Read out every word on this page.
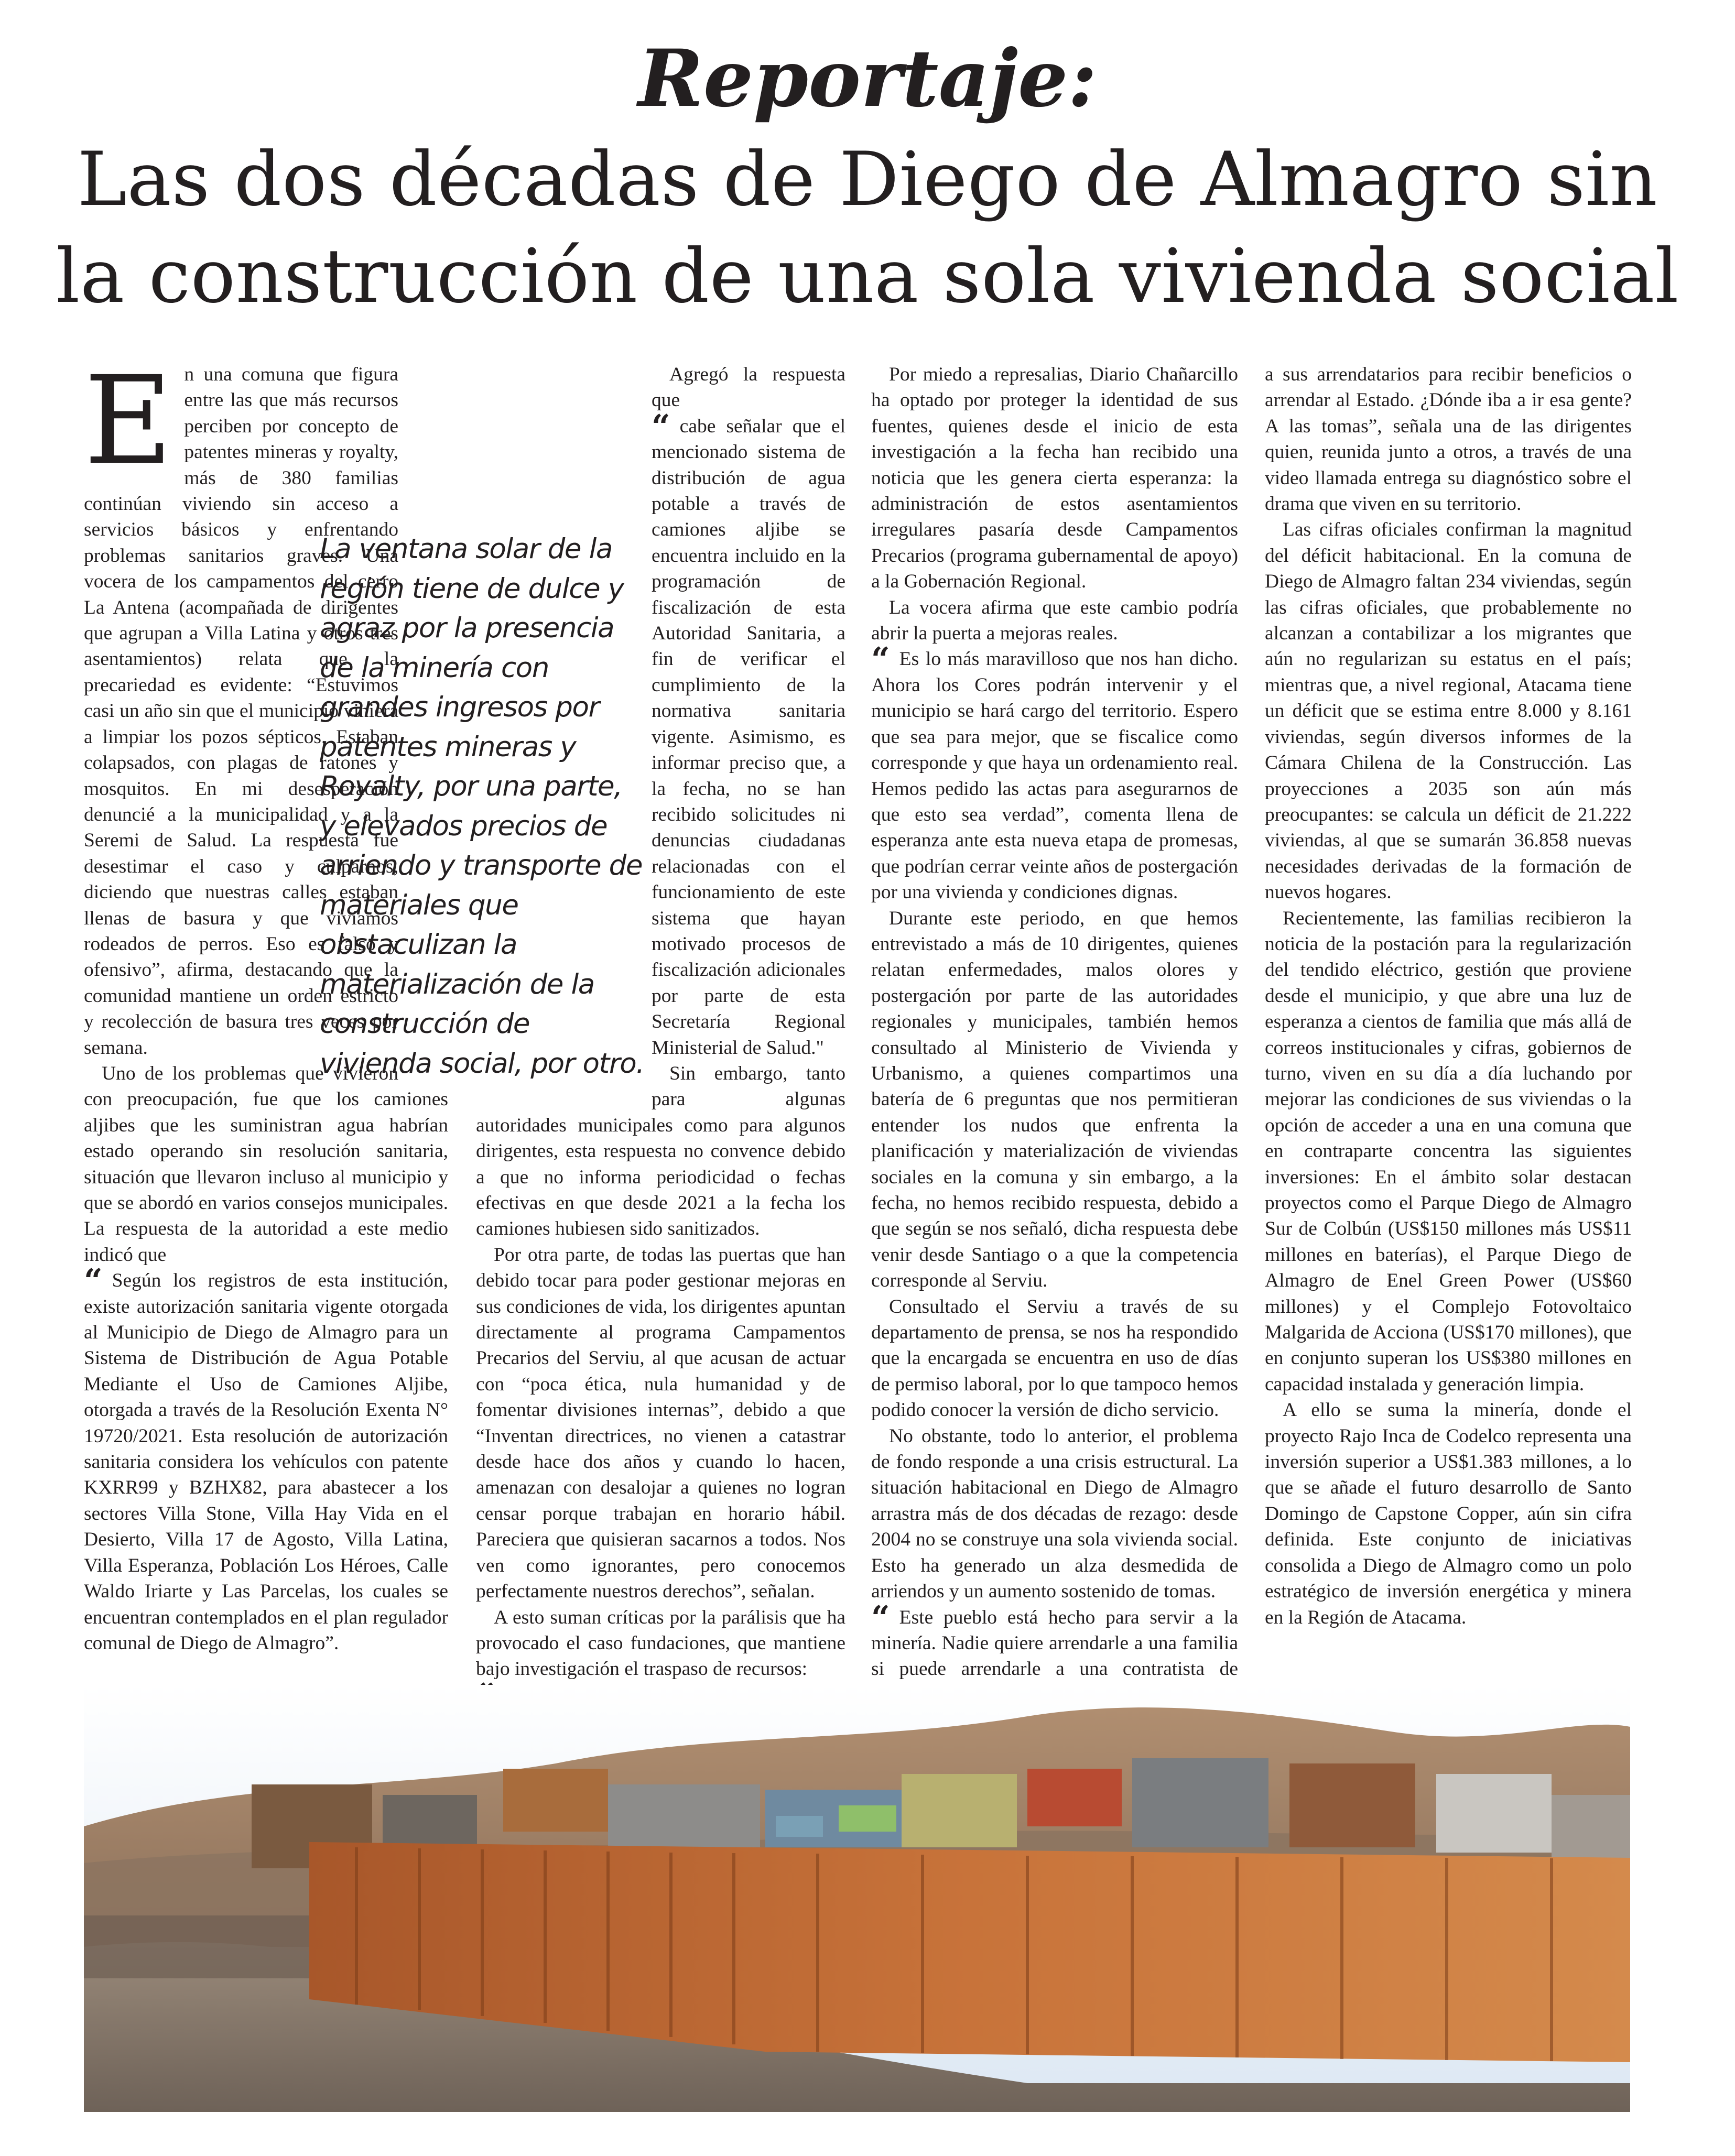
Reportaje:
Las dos décadas de Diego de Almagro sin la construcción de una sola vivienda social
E n una comuna que figura entre las que más recursos perciben por concepto de patentes mineras y royalty, más de 380 familias continúan viviendo sin acceso a servicios básicos y enfrentando problemas sanitarios graves. Una vocera de los campamentos del cerro La Antena (acompañada de dirigentes que agrupan a Villa Latina y otros tres asentamientos) relata que la precariedad es evidente: “Estuvimos casi un año sin que el municipio viniera a limpiar los pozos sépticos. Estaban colapsados, con plagas de ratones y mosquitos. En mi desesperación denuncié a la municipalidad y a la Seremi de Salud. La respuesta fue desestimar el caso y culparnos, diciendo que nuestras calles estaban llenas de basura y que vivíamos rodeados de perros. Eso es falso y ofensivo”, afirma, destacando que la comunidad mantiene un orden estricto y recolección de basura tres veces por semana.

Uno de los problemas que vivieron con preocupación, fue que los camiones aljibes que les suministran agua habrían estado operando sin resolución sanitaria, situación que llevaron incluso al municipio y que se abordó en varios consejos municipales. La respuesta de la autoridad a este medio indicó que

“ Según los registros de esta institución, existe autorización sanitaria vigente otorgada al Municipio de Diego de Almagro para un Sistema de Distribución de Agua Potable Mediante el Uso de Camiones Aljibe, otorgada a través de la Resolución Exenta N° 19720/2021. Esta resolución de autorización sanitaria considera los vehículos con patente KXRR99 y BZHX82, para abastecer a los sectores Villa Stone, Villa Hay Vida en el Desierto, Villa 17 de Agosto, Villa Latina, Villa Esperanza, Población Los Héroes, Calle Waldo Iriarte y Las Parcelas, los cuales se encuentran contemplados en el plan regulador comunal de Diego de Almagro”.

Agregó la respuesta que

“ cabe señalar que el mencionado sistema de distribución de agua potable a través de camiones aljibe se encuentra incluido en la programación de fiscalización de esta Autoridad Sanitaria, a fin de verificar el cumplimiento de la normativa sanitaria vigente. Asimismo, es informar preciso que, a la fecha, no se han recibido solicitudes ni denuncias ciudadanas relacionadas con el funcionamiento de este sistema que hayan motivado procesos de fiscalización adicionales por parte de esta Secretaría Regional Ministerial de Salud."

Sin embargo, tanto para algunas autoridades municipales como para algunos dirigentes, esta respuesta no convence debido a que no informa periodicidad o fechas efectivas en que desde 2021 a la fecha los camiones hubiesen sido sanitizados.

Por otra parte, de todas las puertas que han debido tocar para poder gestionar mejoras en sus condiciones de vida, los dirigentes apuntan directamente al programa Campamentos Precarios del Serviu, al que acusan de actuar con “poca ética, nula humanidad y de fomentar divisiones internas”, debido a que “Inventan directrices, no vienen a catastrar desde hace dos años y cuando lo hacen, amenazan con desalojar a quienes no logran censar porque trabajan en horario hábil. Pareciera que quisieran sacarnos a todos. Nos ven como ignorantes, pero conocemos perfectamente nuestros derechos”, señalan.

A esto suman críticas por la parálisis que ha provocado el caso fundaciones, que mantiene bajo investigación el traspaso de recursos:

Por miedo a represalias, Diario Chañarcillo ha optado por proteger la identidad de sus fuentes, quienes desde el inicio de esta investigación a la fecha han recibido una noticia que les genera cierta esperanza: la administración de estos asentamientos irregulares pasaría desde Campamentos Precarios (programa gubernamental de apoyo) a la Gobernación Regional.

La vocera afirma que este cambio podría abrir la puerta a mejoras reales.

“ Es lo más maravilloso que nos han dicho. Ahora los Cores podrán intervenir y el municipio se hará cargo del territorio. Espero que sea para mejor, que se fiscalice como corresponde y que haya un ordenamiento real. Hemos pedido las actas para asegurarnos de que esto sea verdad”, comenta llena de esperanza ante esta nueva etapa de promesas, que podrían cerrar veinte años de postergación por una vivienda y condiciones dignas.

Durante este periodo, en que hemos entrevistado a más de 10 dirigentes, quienes relatan enfermedades, malos olores y postergación por parte de las autoridades regionales y municipales, también hemos consultado al Ministerio de Vivienda y Urbanismo, a quienes compartimos una batería de 6 preguntas que nos permitieran entender los nudos que enfrenta la planificación y materialización de viviendas sociales en la comuna y sin embargo, a la fecha, no hemos recibido respuesta, debido a que según se nos señaló, dicha respuesta debe venir desde Santiago o a que la competencia corresponde al Serviu.

Consultado el Serviu a través de su departamento de prensa, se nos ha respondido que la encargada se encuentra en uso de días de permiso laboral, por lo que tampoco hemos podido conocer la versión de dicho servicio.

No obstante, todo lo anterior, el problema de fondo responde a una crisis estructural. La situación habitacional en Diego de Almagro arrastra más de dos décadas de rezago: desde 2004 no se construye una sola vivienda social. Esto ha generado un alza desmedida de arriendos y un aumento sostenido de tomas.

“ Este pueblo está hecho para servir a la minería. Nadie quiere arrendarle a una familia si puede arrendarle a una contratista de

a sus arrendatarios para recibir beneficios o arrendar al Estado. ¿Dónde iba a ir esa gente? A las tomas”, señala una de las dirigentes quien, reunida junto a otros, a través de una video llamada entrega su diagnóstico sobre el drama que viven en su territorio.

Las cifras oficiales confirman la magnitud del déficit habitacional. En la comuna de Diego de Almagro faltan 234 viviendas, según las cifras oficiales, que probablemente no alcanzan a contabilizar a los migrantes que aún no regularizan su estatus en el país; mientras que, a nivel regional, Atacama tiene un déficit que se estima entre 8.000 y 8.161 viviendas, según diversos informes de la Cámara Chilena de la Construcción. Las proyecciones a 2035 son aún más preocupantes: se calcula un déficit de 21.222 viviendas, al que se sumarán 36.858 nuevas necesidades derivadas de la formación de nuevos hogares.

Recientemente, las familias recibieron la noticia de la postación para la regularización del tendido eléctrico, gestión que proviene desde el municipio, y que abre una luz de esperanza a cientos de familia que más allá de correos institucionales y cifras, gobiernos de turno, viven en su día a día luchando por mejorar las condiciones de sus viviendas o la opción de acceder a una en una comuna que en contraparte concentra las siguientes inversiones: En el ámbito solar destacan proyectos como el Parque Diego de Almagro Sur de Colbún (US$150 millones más US$11 millones en baterías), el Parque Diego de Almagro de Enel Green Power (US$60 millones) y el Complejo Fotovoltaico Malgarida de Acciona (US$170 millones), que en conjunto superan los US$380 millones en capacidad instalada y generación limpia.

A ello se suma la minería, donde el proyecto Rajo Inca de Codelco representa una inversión superior a US$1.383 millones, a lo que se añade el futuro desarrollo de Santo Domingo de Capstone Copper, aún sin cifra definida. Este conjunto de iniciativas consolida a Diego de Almagro como un polo estratégico de inversión energética y minera en la Región de Atacama.

La ventana solar de la región tiene de dulce y agraz por la presencia de la minería con grandes ingresos por patentes mineras y Royalty, por una parte, y elevados precios de arriendo y transporte de materiales que obstaculizan la materialización de la construcción de vivienda social, por otro.
